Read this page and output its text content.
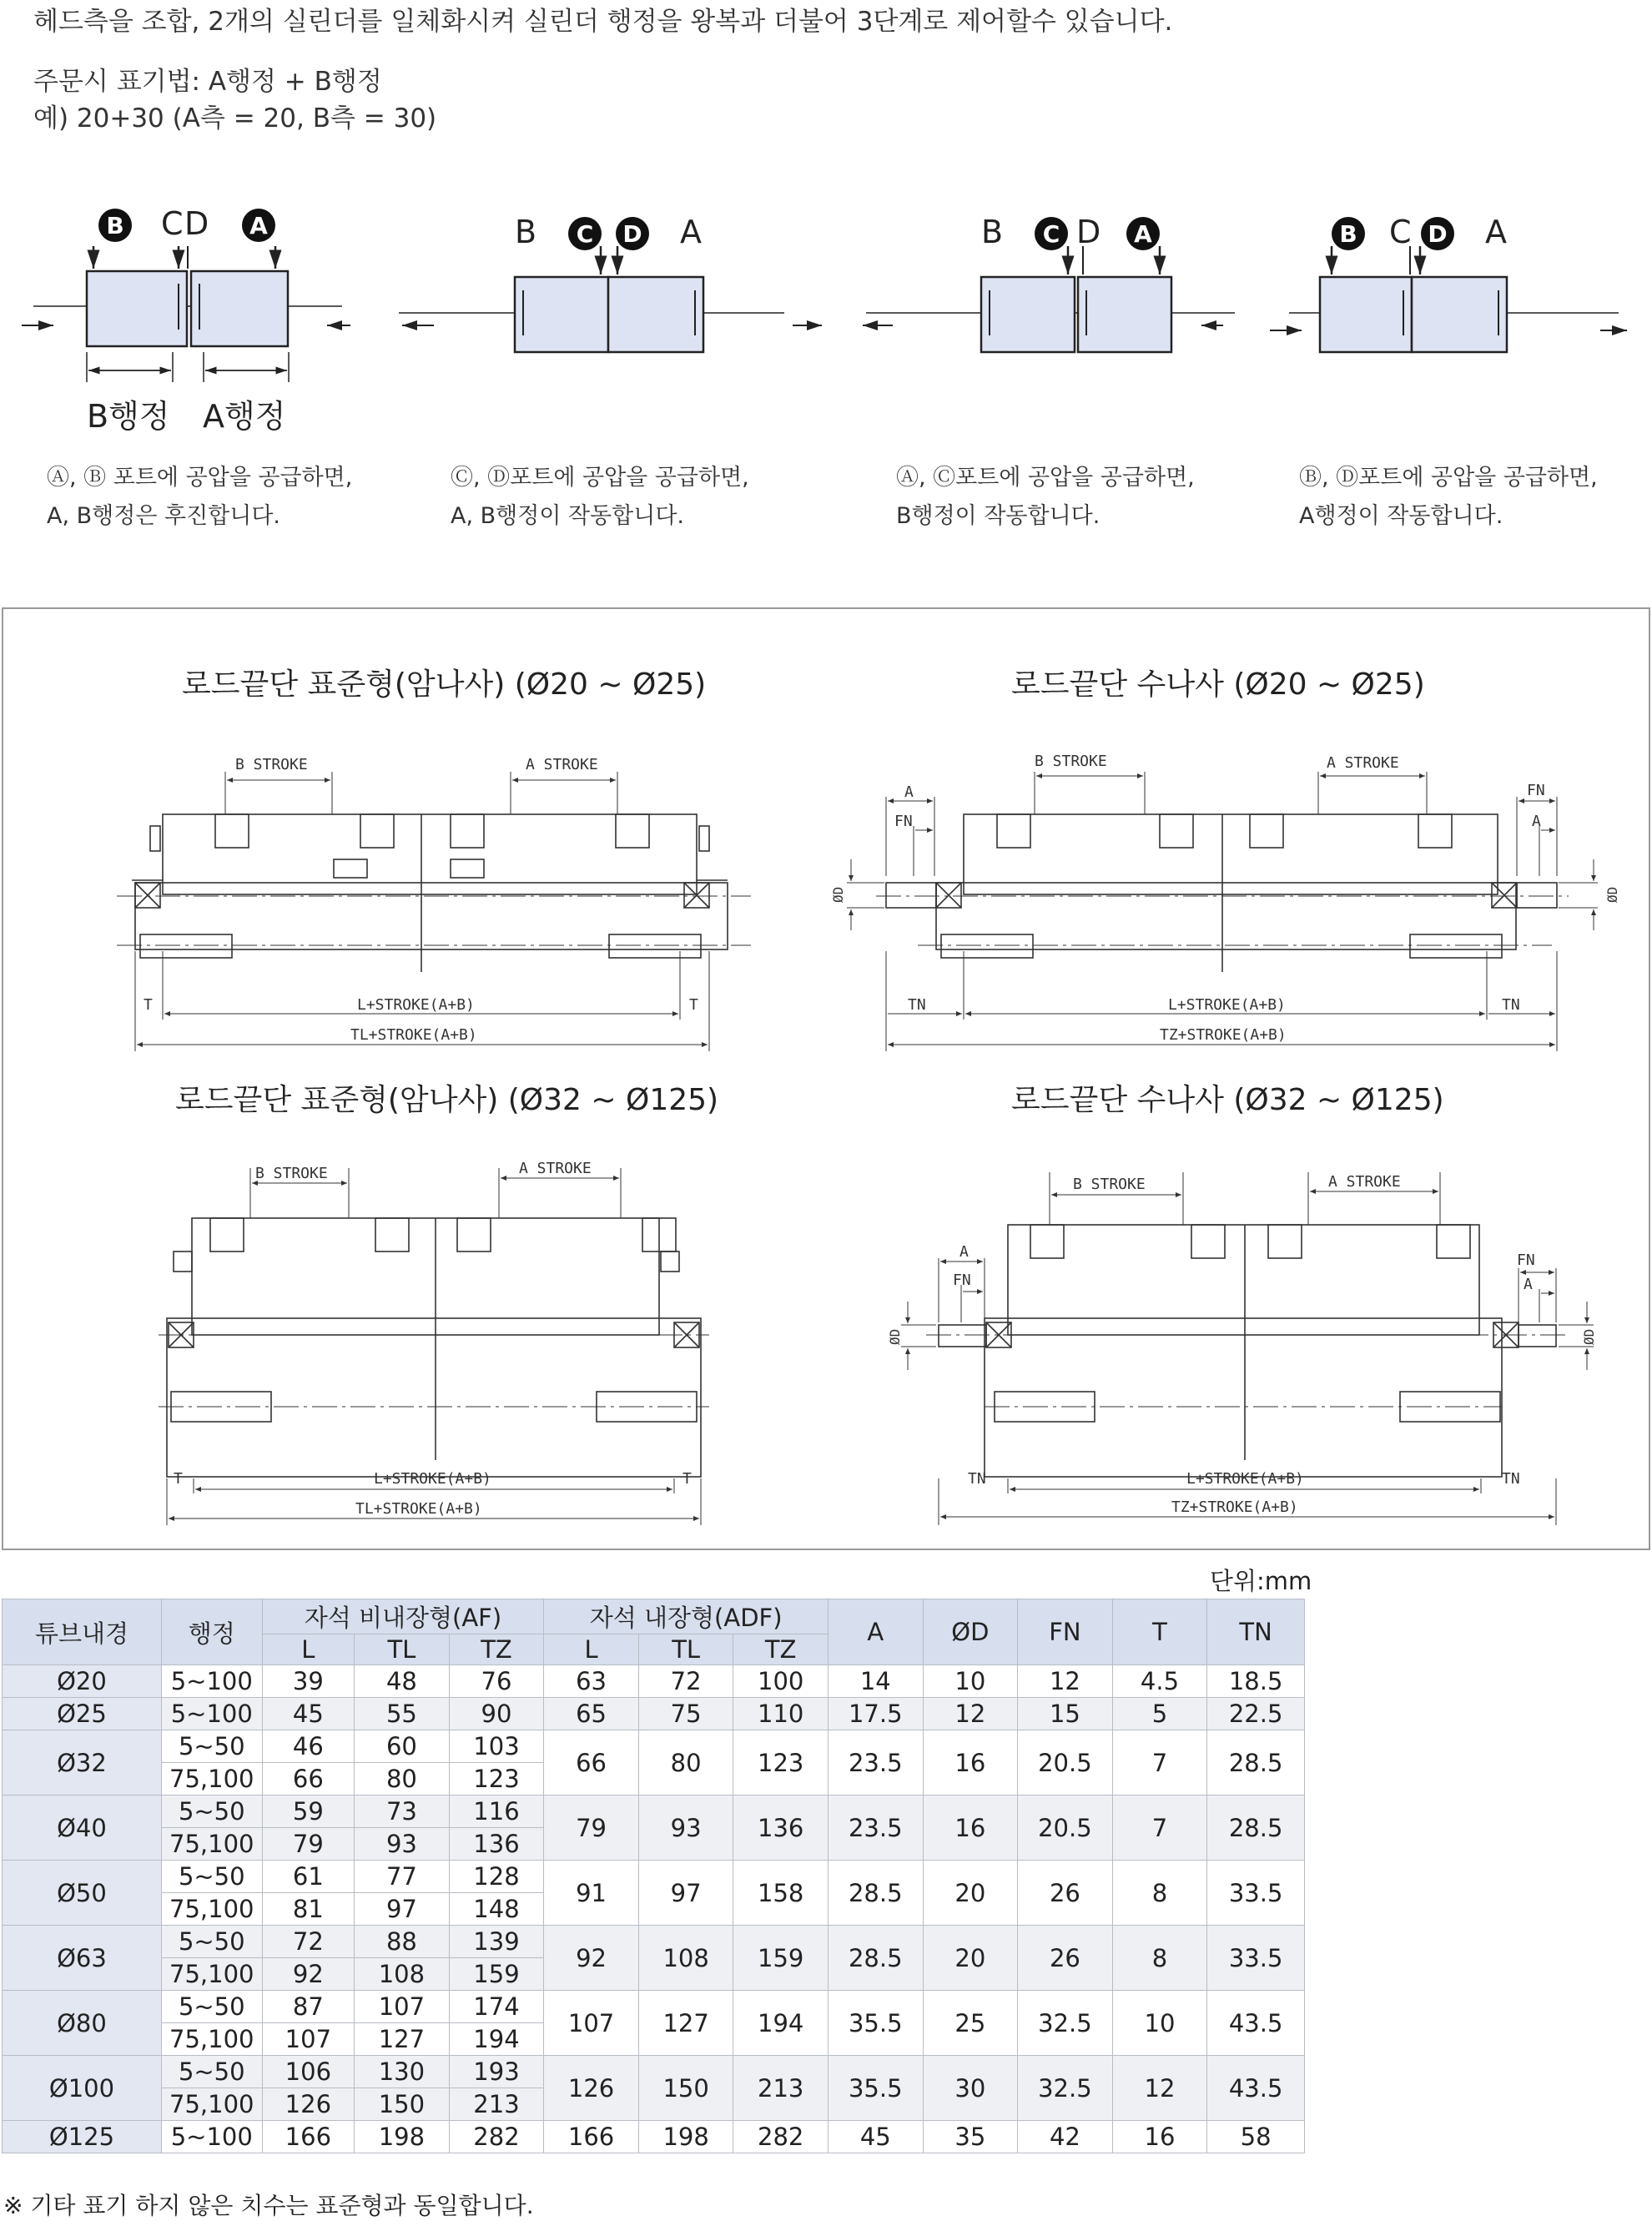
헤드측을 조합, 2개의 실린더를 일체화시켜 실린더 행정을 왕복과 더불어 3단계로 제어할수 있습니다.
주문시 표기법: A행정 + B행정
예) 20+30 (A측 = 20, B측 = 30)
B C D	A	B	C	D A	B	C D	A	B C D A
B행정 A행정
Ⓐ, Ⓑ 포트에 공압을 공급하면,
A, B행정은 후진합니다.
Ⓒ, Ⓓ포트에 공압을 공급하면,
A, B행정이 작동합니다.
Ⓐ, Ⓒ포트에 공압을 공급하면,
B행정이 작동합니다.
Ⓑ, Ⓓ포트에 공압을 공급하면,
A행정이 작동합니다.
로드끝단 표준형(암나사) (Ø20 ~ Ø25)	로드끝단 수나사 (Ø20 ~ Ø25)
로드끝단 표준형(암나사) (Ø32 ~ Ø125)	로드끝단 수나사 (Ø32 ~ Ø125)
B STROKE	A STROKE
L+STROKE(A+B)
TL+STROKE(A+B)
T	T
B STROKE	A STROKE
A
FN
FN
A
TN	TN
L+STROKE(A+B)
TZ+STROKE(A+B)
B STROKE	A STROKE
T	T
L+STROKE(A+B)
TL+STROKE(A+B)
B STROKE	A STROKE
A
FN
FN
A
TN	TN
L+STROKE(A+B)
TZ+STROKE(A+B)
ØD	ØD
ØD	ØD
단위:mm
튜브내경	행정	자석 비내장형(AF)			자석 내장형(ADF)			A	ØD	FN	T	TN
		L	TL	TZ	L	TL	TZ					
Ø20	5~100	39	48	76	63	72	100	14	10	12	4.5	18.5
Ø25	5~100	45	55	90	65	75	110	17.5	12	15	5	22.5
Ø32	5~50	46	60	103	66	80	123	23.5	16	20.5	7	28.5
	75,100	66	80	123								
Ø40	5~50	59	73	116	79	93	136	23.5	16	20.5	7	28.5
	75,100	79	93	136								
Ø50	5~50	61	77	128	91	97	158	28.5	20	26	8	33.5
	75,100	81	97	148								
Ø63	5~50	72	88	139	92	108	159	28.5	20	26	8	33.5
	75,100	92	108	159								
Ø80	5~50	87	107	174	107	127	194	35.5	25	32.5	10	43.5
	75,100	107	127	194								
Ø100	5~50	106	130	193	126	150	213	35.5	30	32.5	12	43.5
	75,100	126	150	213								
Ø125	5~100	166	198	282	166	198	282	45	35	42	16	58
※ 기타 표기 하지 않은 치수는 표준형과 동일합니다.
